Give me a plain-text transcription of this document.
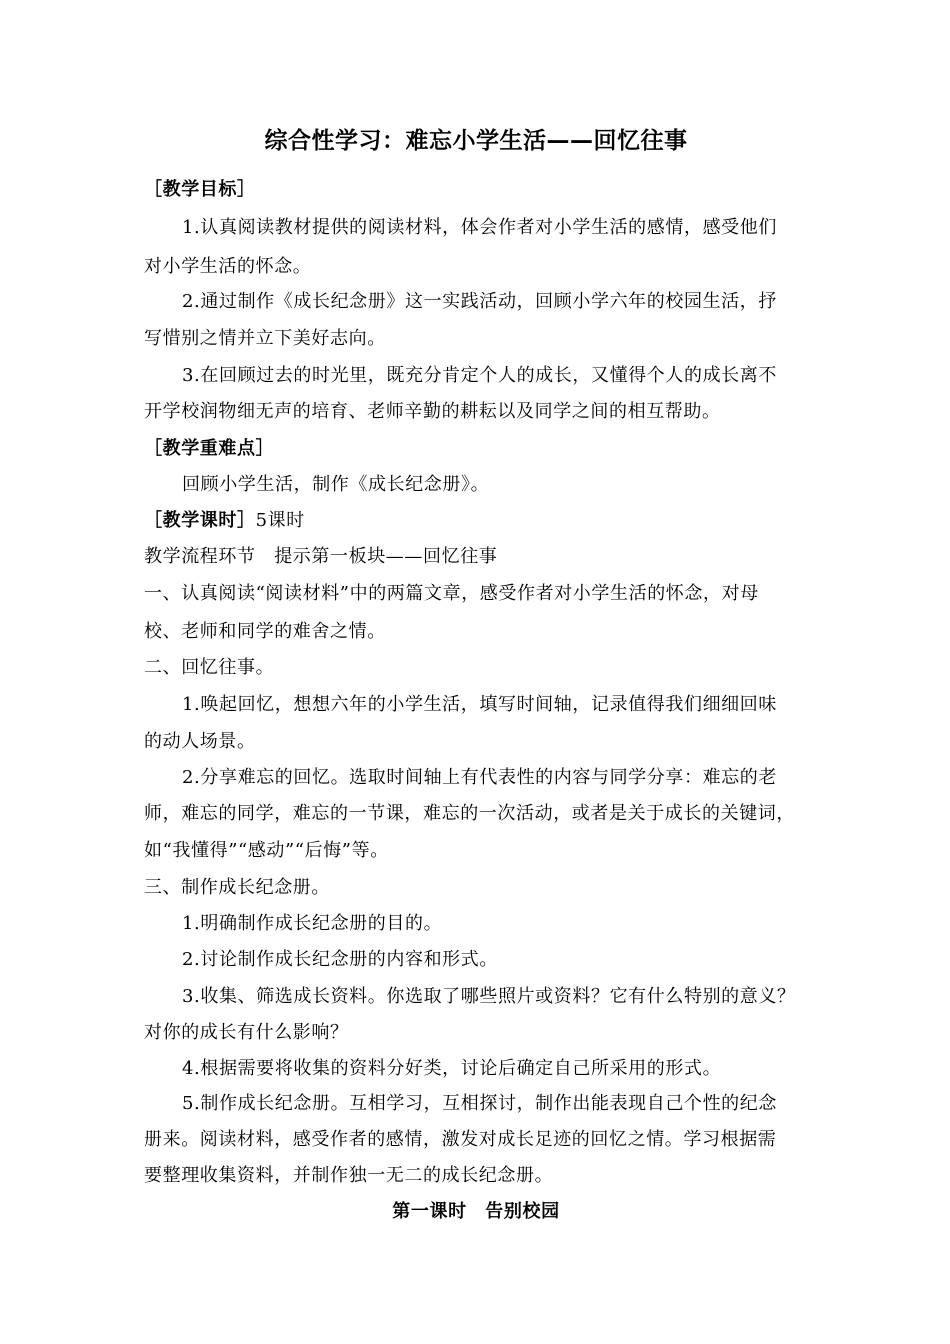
综合性学习：难忘小学生活——回忆往事
［教学目标］
1.认真阅读教材提供的阅读材料，体会作者对小学生活的感情，感受他们
对小学生活的怀念。
2.通过制作《成长纪念册》这一实践活动，回顾小学六年的校园生活，抒
写惜别之情并立下美好志向。
3.在回顾过去的时光里，既充分肯定个人的成长，又懂得个人的成长离不
开学校润物细无声的培育、老师辛勤的耕耘以及同学之间的相互帮助。
［教学重难点］
回顾小学生活，制作《成长纪念册》。
［教学课时］5课时
教学流程环节　提示第一板块——回忆往事
一、认真阅读“阅读材料”中的两篇文章，感受作者对小学生活的怀念，对母
校、老师和同学的难舍之情。
二、回忆往事。
1.唤起回忆，想想六年的小学生活，填写时间轴，记录值得我们细细回味
的动人场景。
2.分享难忘的回忆。选取时间轴上有代表性的内容与同学分享：难忘的老
师，难忘的同学，难忘的一节课，难忘的一次活动，或者是关于成长的关键词，
如“我懂得”“感动”“后悔”等。
三、制作成长纪念册。
1.明确制作成长纪念册的目的。
2.讨论制作成长纪念册的内容和形式。
3.收集、筛选成长资料。你选取了哪些照片或资料？它有什么特别的意义？
对你的成长有什么影响？
4.根据需要将收集的资料分好类，讨论后确定自己所采用的形式。
5.制作成长纪念册。互相学习，互相探讨，制作出能表现自己个性的纪念
册来。阅读材料，感受作者的感情，激发对成长足迹的回忆之情。学习根据需
要整理收集资料，并制作独一无二的成长纪念册。
第一课时　告别校园
